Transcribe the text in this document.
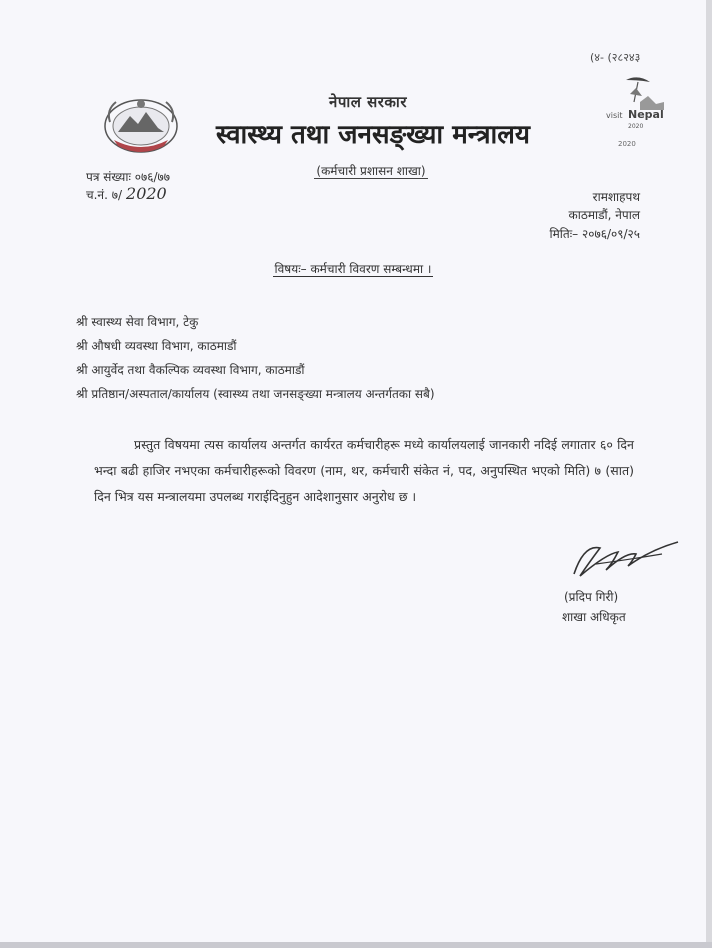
(४- (२८२४३
नेपाल सरकार
स्वास्थ्य तथा जनसङ्ख्या मन्त्रालय
(कर्मचारी प्रशासन शाखा)
visit Nepal
2020
2020
पत्र संख्याः ०७६/७७
च.नं. ७/ 2020	रामशाहपथ
काठमाडौं, नेपाल
मितिः– २०७६/०९/२५
विषयः– कर्मचारी विवरण सम्बन्धमा ।
श्री स्वास्थ्य सेवा विभाग, टेकु
श्री औषधी व्यवस्था विभाग, काठमाडौं
श्री आयुर्वेद तथा वैकल्पिक व्यवस्था विभाग, काठमाडौं
श्री प्रतिष्ठान/अस्पताल/कार्यालय (स्वास्थ्य तथा जनसङ्ख्या मन्त्रालय अन्तर्गतका सबै)
प्रस्तुत विषयमा त्यस कार्यालय अन्तर्गत कार्यरत कर्मचारीहरू मध्ये कार्यालयलाई जानकारी नदिई लगातार ६० दिन भन्दा बढी हाजिर नभएका कर्मचारीहरूको विवरण (नाम, थर, कर्मचारी संकेत नं, पद, अनुपस्थित भएको मिति) ७ (सात) दिन भित्र यस मन्त्रालयमा उपलब्ध गराईदिनुहुन आदेशानुसार अनुरोध छ ।
(प्रदिप गिरी)
शाखा अधिकृत
